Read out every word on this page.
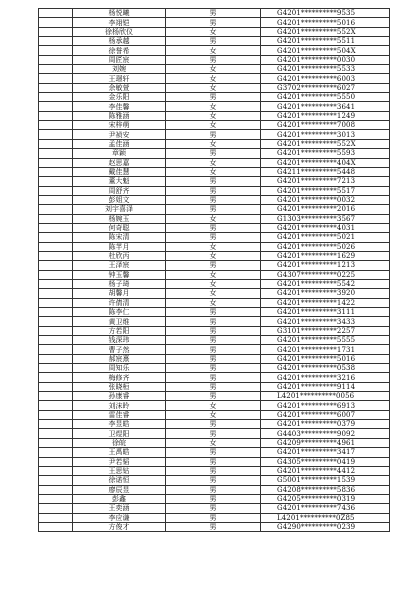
	杨悦曦	男	G4201**********9535
	李翊铠	男	G4201**********5016
	徐杨欣仪	女	G4201**********552X
	杨承越	男	G4201**********5511
	徐誉希	女	G4201**********504X
	周匠宸	男	G4201**********0030
	刘婉	女	G4201**********5533
	王璟轩	女	G4201**********6003
	余敏萱	女	G3702**********6027
	金乐阳	男	G4201**********5550
	李佳馨	女	G4201**********3641
	陈雅涵	女	G4201**********1249
	宋梓萌	女	G4201**********7008
	尹祯安	男	G4201**********3013
	孟佳涵	女	G4201**********552X
	章颖	男	G4201**********5593
	赵思嘉	女	G4201**********404X
	戴佳慧	女	G4211**********5448
	董大魁	男	G4201**********7213
	周舒齐	男	G4201**********5517
	彭姐文	男	G4201**********0032
	刘宇喜泽	男	G4201**********2016
	杨婉玉	女	G1303**********3567
	何奇聪	男	G4201**********4031
	陈宋清	男	G4201**********5021
	陈芊月	女	G4201**********5026
	杜欣丙	女	G4201**********1629
	王泽宸	男	G4201**********1213
	钟玉馨	女	G4307**********0225
	杨子琦	女	G4201**********5542
	胡馨月	女	G4201**********3920
	许倩清	女	G4201**********1422
	陈李仁	男	G4201**********3111
	黄卫维	男	G4201**********3433
	方若阳	男	G3101**********2257
	钱深玮	男	G4201**********5555
	曹子然	男	G4201**********1731
	郝宸熹	男	G4201**********5016
	周知乐	男	G4201**********0538
	梅修齐	男	G4201**********3216
	张晓桓	男	G4201**********9114
	孙康睿	男	L4201**********0056
	刘沫昤	女	G4201**********6913
	雷佳睿	女	G4201**********6007
	李昱皓	男	G4201**********0379
	卫煜阳	男	G4403**********9092
	徐皖	女	G4209**********4961
	王禹皓	男	G4201**********3417
	尹若韬	男	G4305**********0419
	王思钻	男	G4201**********4412
	徐诺恒	男	G5001**********1539
	廖辰昱	男	G4208**********5836
	彭鑫	男	G4205**********0319
	王奕涵	男	G4201**********7436
	李应谦	男	L4201**********0Z85
	方俊才	男	G4290**********0239
